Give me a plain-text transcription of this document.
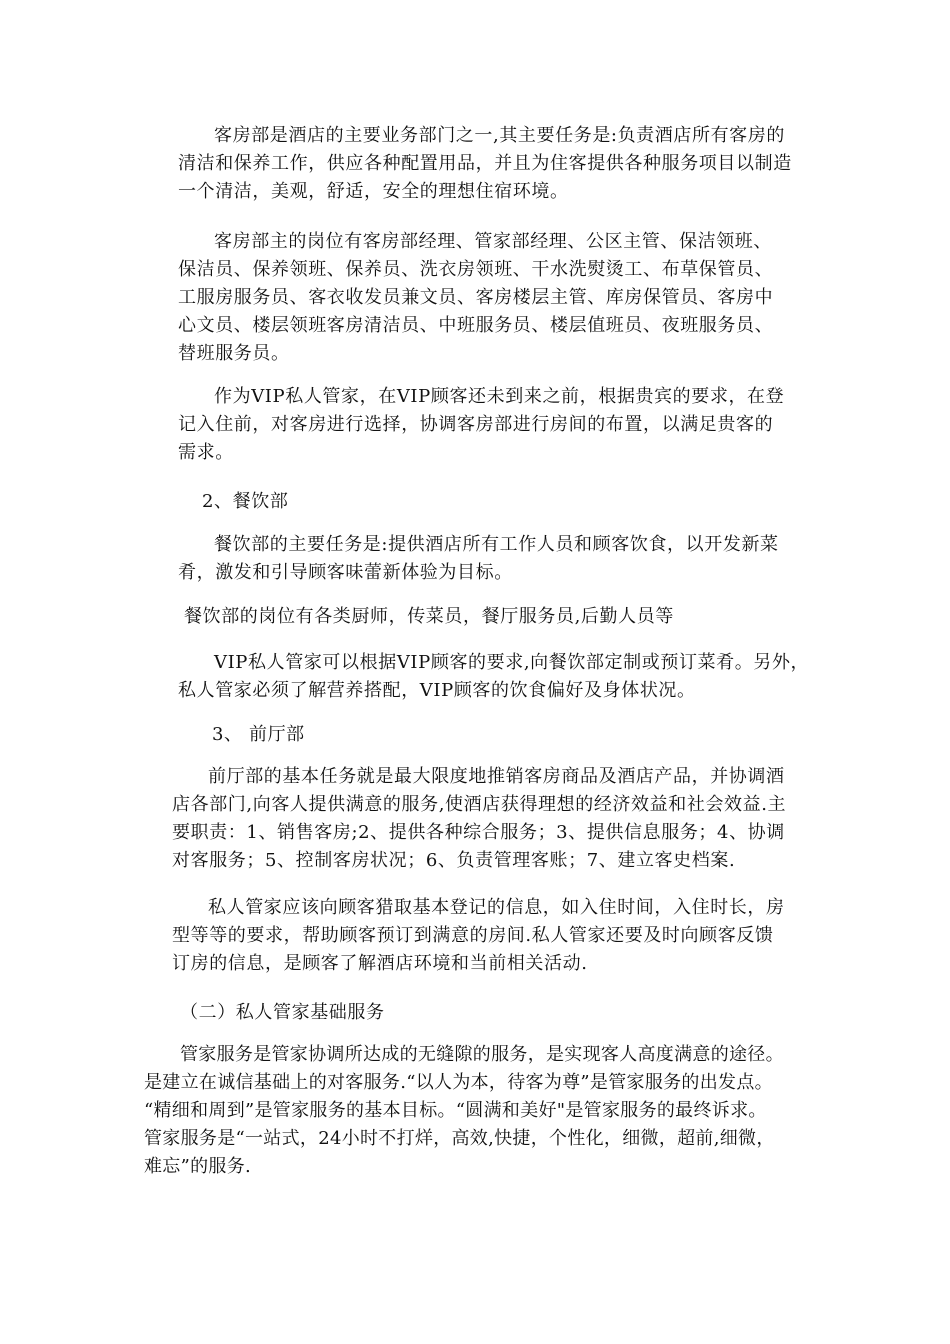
客房部是酒店的主要业务部门之一,其主要任务是:负责酒店所有客房的
清洁和保养工作，供应各种配置用品，并且为住客提供各种服务项目以制造
一个清洁，美观，舒适，安全的理想住宿环境。
客房部主的岗位有客房部经理、管家部经理、公区主管、保洁领班、
保洁员、保养领班、保养员、洗衣房领班、干水洗熨烫工、布草保管员、
工服房服务员、客衣收发员兼文员、客房楼层主管、库房保管员、客房中
心文员、楼层领班客房清洁员、中班服务员、楼层值班员、夜班服务员、
替班服务员。
作为VIP私人管家，在VIP顾客还未到来之前，根据贵宾的要求，在登
记入住前，对客房进行选择，协调客房部进行房间的布置，以满足贵客的
需求。
2、餐饮部
餐饮部的主要任务是:提供酒店所有工作人员和顾客饮食，以开发新菜
肴，激发和引导顾客味蕾新体验为目标。
餐饮部的岗位有各类厨师，传菜员，餐厅服务员,后勤人员等
VIP私人管家可以根据VIP顾客的要求,向餐饮部定制或预订菜肴。另外，
私人管家必须了解营养搭配，VIP顾客的饮食偏好及身体状况。
3、 前厅部
前厅部的基本任务就是最大限度地推销客房商品及酒店产品，并协调酒
店各部门,向客人提供满意的服务,使酒店获得理想的经济效益和社会效益.主
要职责：1、销售客房;2、提供各种综合服务；3、提供信息服务；4、协调
对客服务；5、控制客房状况；6、负责管理客账；7、建立客史档案.
私人管家应该向顾客猎取基本登记的信息，如入住时间，入住时长，房
型等等的要求，帮助顾客预订到满意的房间.私人管家还要及时向顾客反馈
订房的信息，是顾客了解酒店环境和当前相关活动.
（二）私人管家基础服务
管家服务是管家协调所达成的无缝隙的服务，是实现客人高度满意的途径。
是建立在诚信基础上的对客服务.“以人为本，待客为尊”是管家服务的出发点。
“精细和周到”是管家服务的基本目标。“圆满和美好"是管家服务的最终诉求。
管家服务是“一站式，24小时不打烊，高效,快捷，个性化，细微，超前,细微，
难忘”的服务.
